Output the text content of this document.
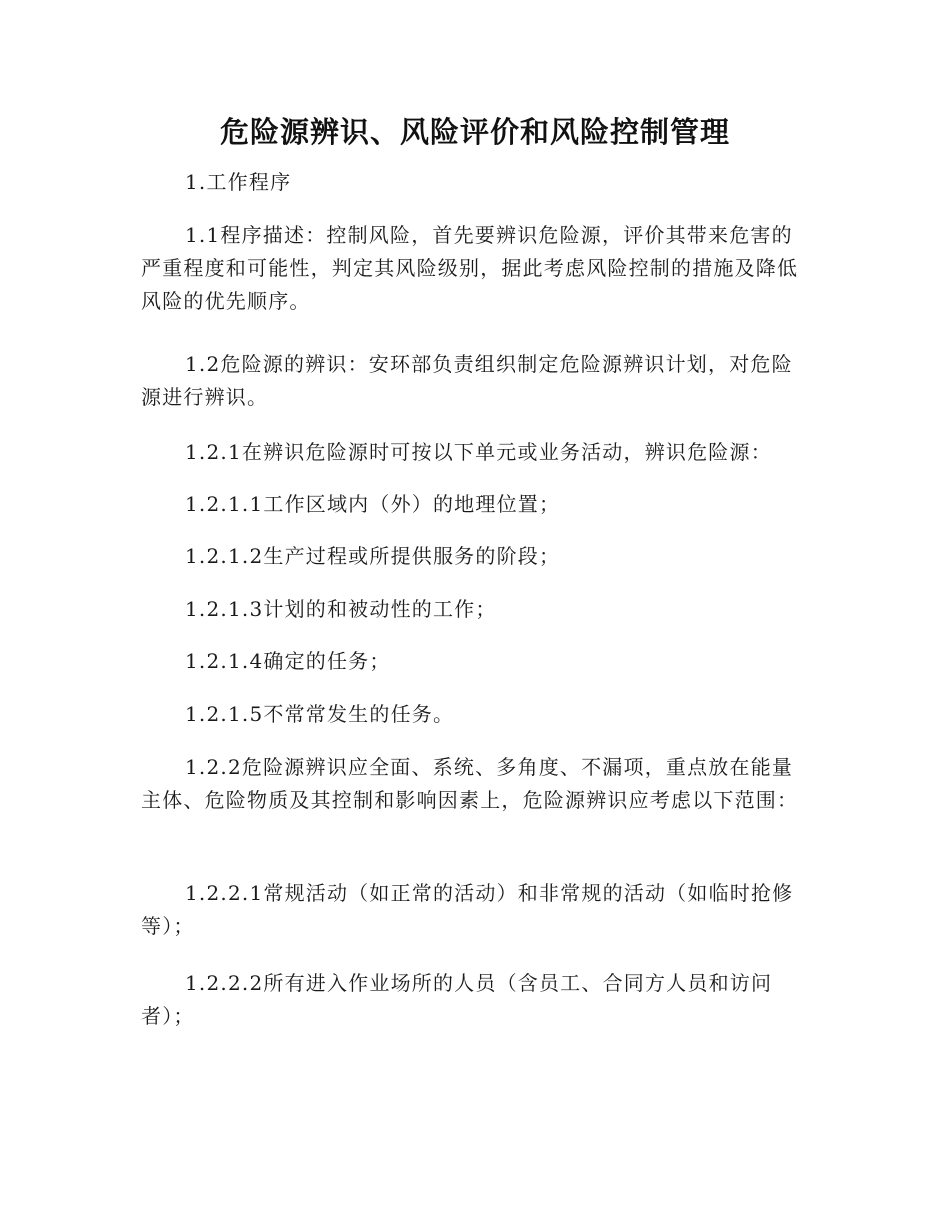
危险源辨识、风险评价和风险控制管理
1.工作程序
1.1程序描述：控制风险，首先要辨识危险源，评价其带来危害的严重程度和可能性，判定其风险级别，据此考虑风险控制的措施及降低风险的优先顺序。
1.2危险源的辨识：安环部负责组织制定危险源辨识计划，对危险源进行辨识。
1.2.1在辨识危险源时可按以下单元或业务活动，辨识危险源：
1.2.1.1工作区域内（外）的地理位置；
1.2.1.2生产过程或所提供服务的阶段；
1.2.1.3计划的和被动性的工作；
1.2.1.4确定的任务；
1.2.1.5不常常发生的任务。
1.2.2危险源辨识应全面、系统、多角度、不漏项，重点放在能量主体、危险物质及其控制和影响因素上，危险源辨识应考虑以下范围：
1.2.2.1常规活动（如正常的活动）和非常规的活动（如临时抢修等）；
1.2.2.2所有进入作业场所的人员（含员工、合同方人员和访问者）；
